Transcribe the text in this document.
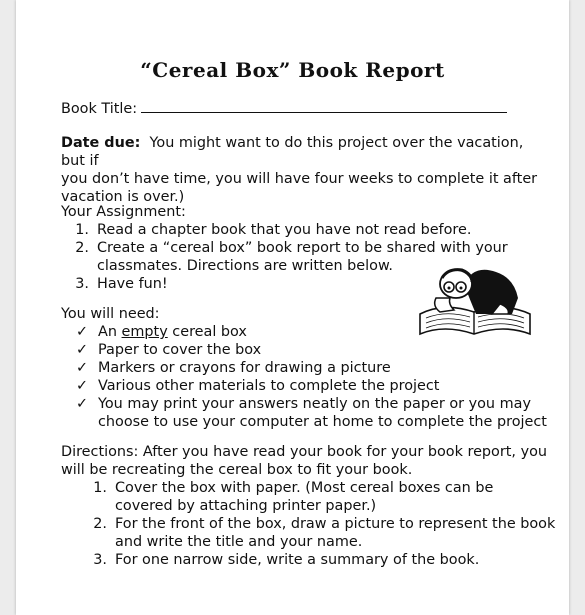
“Cereal Box” Book Report
Book Title:
Date due: You might want to do this project over the vacation, but if
you don’t have time, you will have four weeks to complete it after
vacation is over.)
Your Assignment:
1. Read a chapter book that you have not read before.
2. Create a “cereal box” book report to be shared with your
classmates. Directions are written below.
3. Have fun!
You will need:
✓ An empty cereal box
✓ Paper to cover the box
✓ Markers or crayons for drawing a picture
✓ Various other materials to complete the project
✓ You may print your answers neatly on the paper or you may
choose to use your computer at home to complete the project
Directions: After you have read your book for your book report, you
will be recreating the cereal box to fit your book.
1. Cover the box with paper. (Most cereal boxes can be
covered by attaching printer paper.)
2. For the front of the box, draw a picture to represent the book
and write the title and your name.
3. For one narrow side, write a summary of the book.
